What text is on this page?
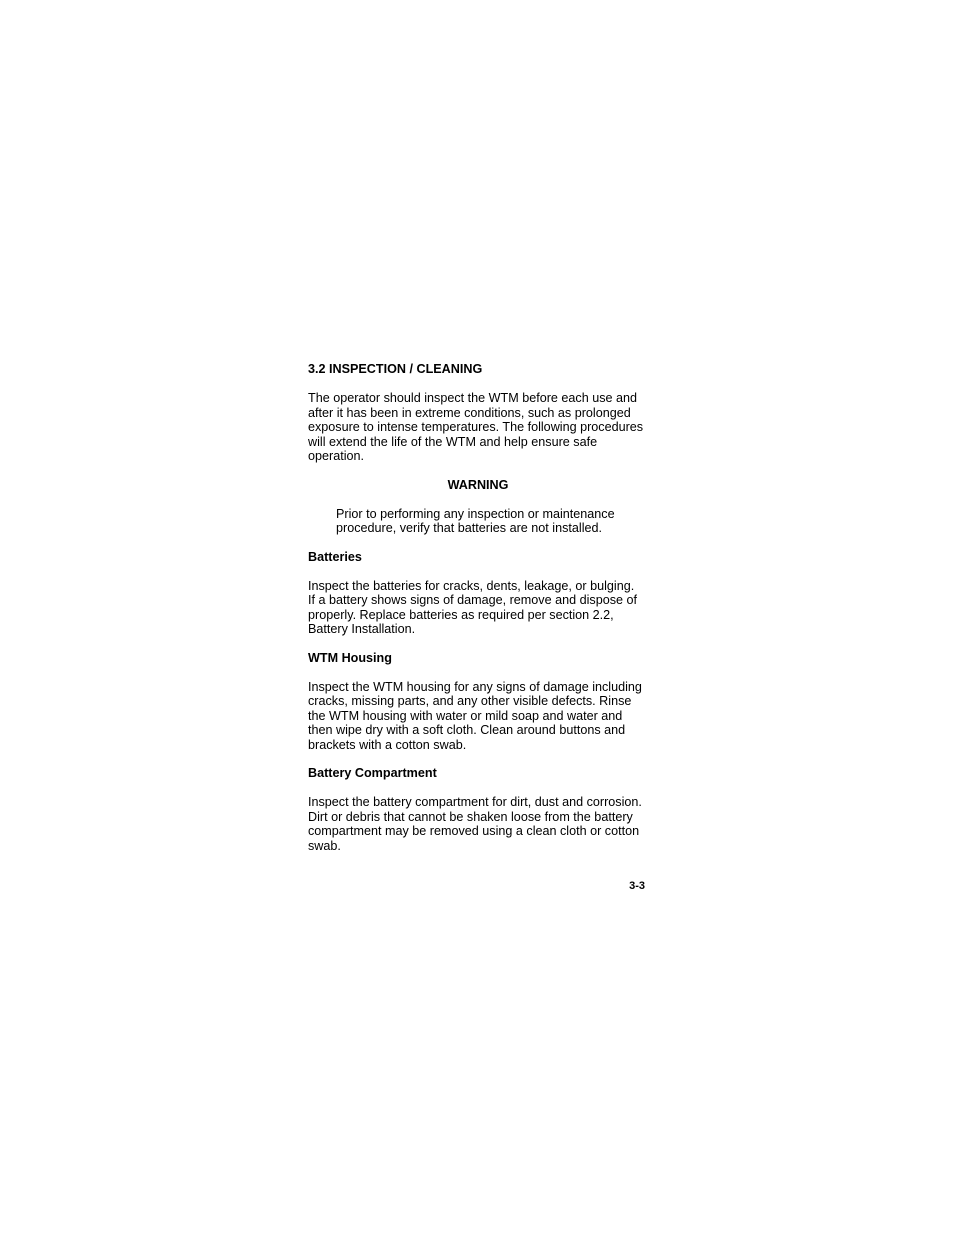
3.2 INSPECTION / CLEANING

The operator should inspect the WTM before each use and
after it has been in extreme conditions, such as prolonged
exposure to intense temperatures. The following procedures
will extend the life of the WTM and help ensure safe
operation.

WARNING

Prior to performing any inspection or maintenance
procedure, verify that batteries are not installed.

Batteries

Inspect the batteries for cracks, dents, leakage, or bulging.
If a battery shows signs of damage, remove and dispose of
properly. Replace batteries as required per section 2.2,
Battery Installation.

WTM Housing

Inspect the WTM housing for any signs of damage including
cracks, missing parts, and any other visible defects. Rinse
the WTM housing with water or mild soap and water and
then wipe dry with a soft cloth. Clean around buttons and
brackets with a cotton swab.

Battery Compartment

Inspect the battery compartment for dirt, dust and corrosion.
Dirt or debris that cannot be shaken loose from the battery
compartment may be removed using a clean cloth or cotton
swab.

3-3
